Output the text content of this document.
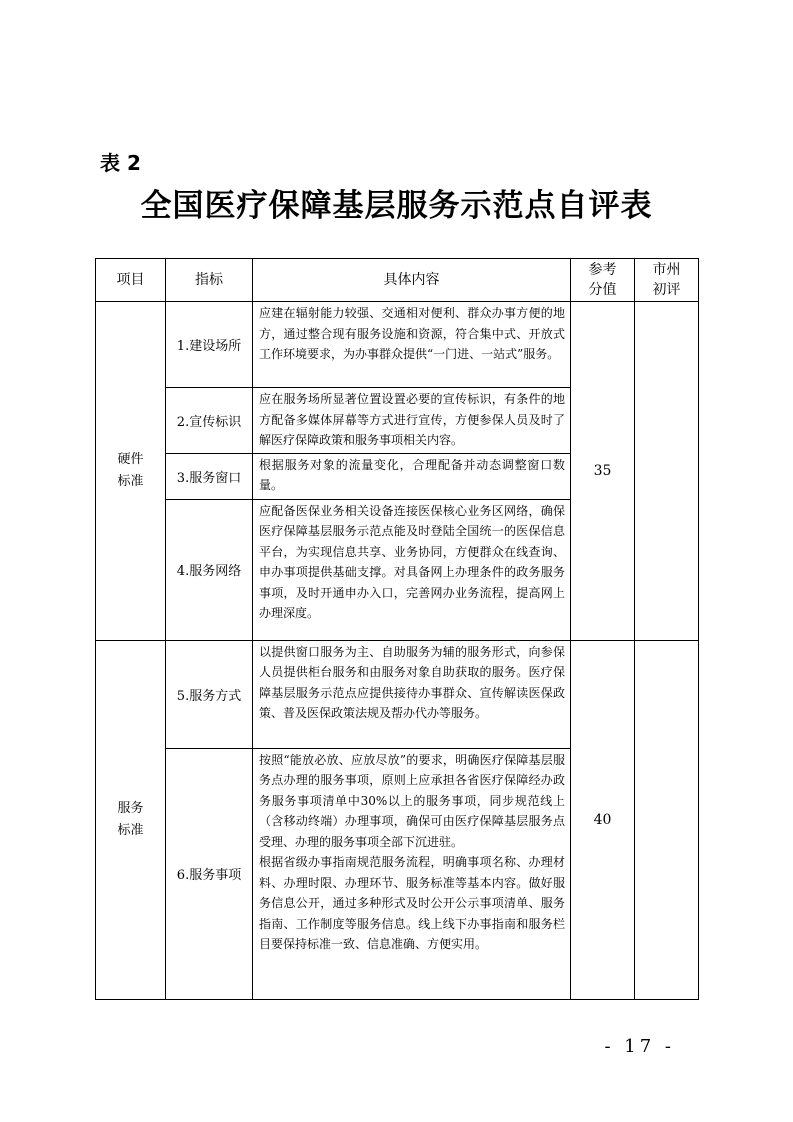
表 2
全国医疗保障基层服务示范点自评表
项目	指标	具体内容	参考分值	市州初评
硬件标准	1.建设场所	应建在辐射能力较强、交通相对便利、群众办事方便的地方，通过整合现有服务设施和资源，符合集中式、开放式工作环境要求，为办事群众提供“一门进、一站式”服务。	35	
	2.宣传标识	应在服务场所显著位置设置必要的宣传标识，有条件的地方配备多媒体屏幕等方式进行宣传，方便参保人员及时了解医疗保障政策和服务事项相关内容。		
	3.服务窗口	根据服务对象的流量变化，合理配备并动态调整窗口数量。		
	4.服务网络	应配备医保业务相关设备连接医保核心业务区网络，确保医疗保障基层服务示范点能及时登陆全国统一的医保信息平台，为实现信息共享、业务协同，方便群众在线查询、申办事项提供基础支撑。对具备网上办理条件的政务服务事项，及时开通申办入口，完善网办业务流程，提高网上办理深度。		
服务标准	5.服务方式	以提供窗口服务为主、自助服务为辅的服务形式，向参保人员提供柜台服务和由服务对象自助获取的服务。医疗保障基层服务示范点应提供接待办事群众、宣传解读医保政策、普及医保政策法规及帮办代办等服务。	40	
	6.服务事项	按照“能放必放、应放尽放”的要求，明确医疗保障基层服务点办理的服务事项，原则上应承担各省医疗保障经办政务服务事项清单中30%以上的服务事项，同步规范线上（含移动终端）办理事项，确保可由医疗保障基层服务点受理、办理的服务事项全部下沉进驻。
根据省级办事指南规范服务流程，明确事项名称、办理材料、办理时限、办理环节、服务标准等基本内容。做好服务信息公开，通过多种形式及时公开公示事项清单、服务指南、工作制度等服务信息。线上线下办事指南和服务栏目要保持标准一致、信息准确、方便实用。		
- 17 -
